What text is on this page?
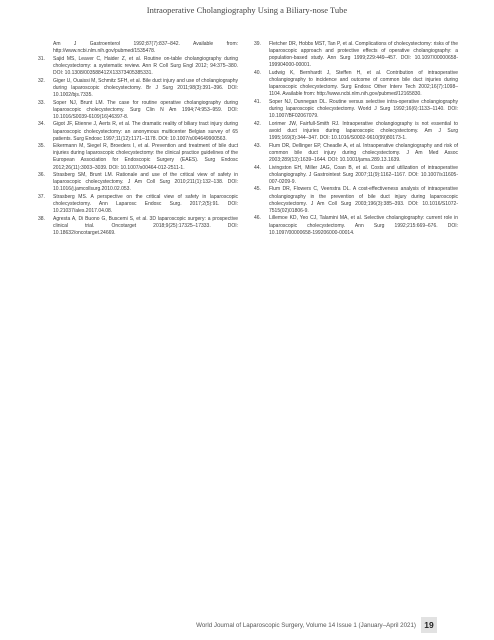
Intraoperative Cholangiography Using a Biliary-nose Tube
Am J Gastroenterol 1992;87(7):837–842. Available from: http://www.ncbi.nlm.nih.gov/pubmed/1535478.
31. Sajid MS, Leaver C, Haider Z, et al. Routine on-table cholangiography during cholecystectomy: a systematic review. Ann R Coll Surg Engl 2012; 94:375–380. DOI: 10.1308/003588412X13373405385331.
32. Giger U, Ouaissi M, Schmitz SFH, et al. Bile duct injury and use of cholangiography during laparoscopic cholecystectomy. Br J Surg 2011;98(3):391–396. DOI: 10.1002/bjs.7335.
33. Soper NJ, Brunt LM. The case for routine operative cholangiography during laparoscopic cholecystectomy. Surg Clin N Am 1994;74:953–959. DOI: 10.1016/S0039-6109(16)46397-8.
34. Gigot JF, Etienne J, Aerts R, et al. The dramatic reality of biliary tract injury during laparoscopic cholecystectomy: an anonymous multicenter Belgian survey of 65 patients. Surg Endosc 1997;11(12):1171–1178. DOI: 10.1007/s004649900563.
35. Eikermann M, Siegel R, Broeders I, et al. Prevention and treatment of bile duct injuries during laparoscopic cholecystectomy: the clinical practice guidelines of the European Association for Endoscopic Surgery (EAES). Surg Endosc 2012;26(11):3003–3039. DOI: 10.1007/s00464-012-2511-1.
36. Strasberg SM, Brunt LM. Rationale and use of the critical view of safety in laparoscopic cholecystectomy. J Am Coll Surg 2010;211(1):132–138. DOI: 10.1016/j.jamcollsurg.2010.02.053.
37. Strasberg MS. A perspective on the critical view of safety in laparoscopic cholecystectomy. Ann Laparosc Endosc Surg. 2017;2(5):91. DOI: 10.21037/ales.2017.04.08.
38. Agresta A, Di Buono G, Buscemi S, et al. 3D laparoscopic surgery: a prospective clinical trial. Oncotarget 2018;9(25):17325–17333. DOI: 10.18632/oncotarget.24669.
39. Fletcher DR, Hobbs MST, Tan P, et al. Complications of cholecystectomy: risks of the laparoscopic approach and protective effects of operative cholangiography: a population-based study. Ann Surg 1999;229:449–457. DOI: 10.1097/00000658-199904000-00001.
40. Ludwig K, Bernhardt J, Steffen H, et al. Contribution of intraoperative cholangiography to incidence and outcome of common bile duct injuries during laparoscopic cholecystectomy. Surg Endosc Other Interv Tech 2002;16(7):1098–1104. Available from: http://www.ncbi.nlm.nih.gov/pubmed/12165830.
41. Soper NJ, Dunnegan DL. Routine versus selective intra-operative cholangiography during laparoscopic cholecystectomy. World J Surg 1992;16(6):1133–1140. DOI: 10.1007/BF02067079.
42. Lorimer JW, Fairfull-Smith RJ. Intraoperative cholangiography is not essential to avoid duct injuries during laparoscopic cholecystectomy. Am J Surg 1995;169(3):344–347. DOI: 10.1016/S0002-9610(99)80173-1.
43. Flum DR, Dellinger EP, Cheadle A, et al. Intraoperative cholangiography and risk of common bile duct injury during cholecystectomy. J Am Med Assoc 2003;289(13):1639–1644. DOI: 10.1001/jama.289.13.1639.
44. Livingston EH, Miller JAG, Coan B, et al. Costs and utilization of intraoperative cholangiography. J Gastrointest Surg 2007;11(9):1162–1167. DOI: 10.1007/s11605-007-0209-9.
45. Flum DR, Flowers C, Veenstra DL. A cost-effectiveness analysis of intraoperative cholangiography in the prevention of bile duct injury during laparoscopic cholecystectomy. J Am Coll Surg 2003;196(3):385–393. DOI: 10.1016/S1072-7515(02)01806-9.
46. Lillemoe KD, Yeo CJ, Talamini MA, et al. Selective cholangiography: current role in laparoscopic cholecystectomy. Ann Surg 1992;215:669–676. DOI: 10.1097/00000658-199206000-00014.
World Journal of Laparoscopic Surgery, Volume 14 Issue 1 (January–April 2021) 19
